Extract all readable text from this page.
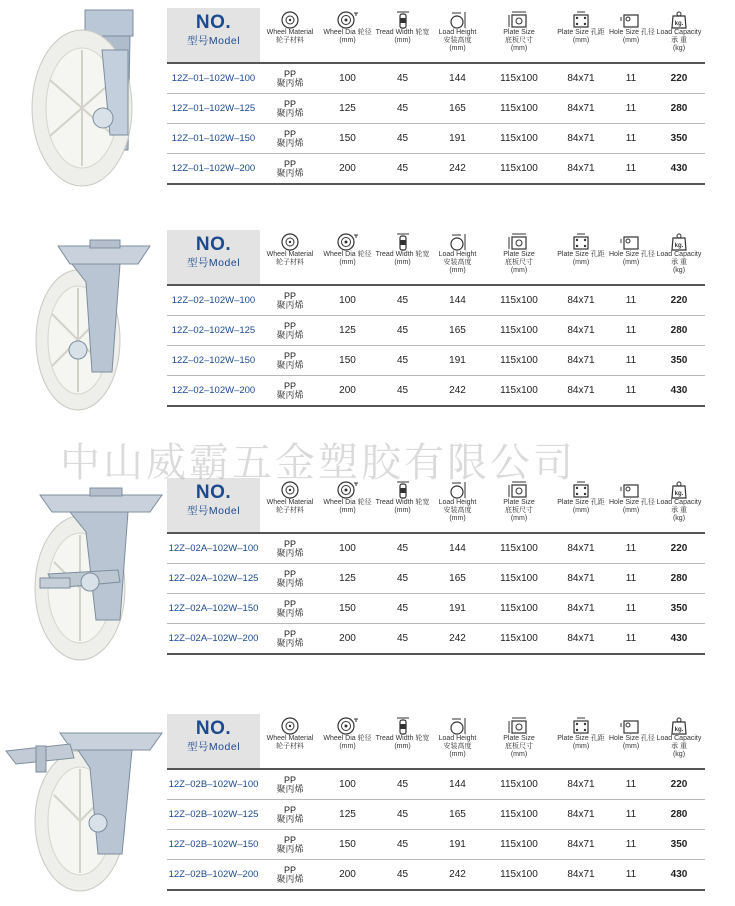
NO.
型号Model
Wheel Material
轮子材料
Wheel Dia 轮径
(mm)
Tread Width 轮宽
(mm)
Load Height
安装高度
(mm)
Plate Size
底板尺寸
(mm)
Plate Size 孔距
(mm)
Hole Size 孔径
(mm)
kg.
Load Capacity
承 重
(kg)
12Z–01–102W–100	PP
聚丙烯	100	45	144	115x100	84x71	11	220
12Z–01–102W–125	PP
聚丙烯	125	45	165	115x100	84x71	11	280
12Z–01–102W–150	PP
聚丙烯	150	45	191	115x100	84x71	11	350
12Z–01–102W–200	PP
聚丙烯	200	45	242	115x100	84x71	11	430
NO.
型号Model
Wheel Material
轮子材料
Wheel Dia 轮径
(mm)
Tread Width 轮宽
(mm)
Load Height
安装高度
(mm)
Plate Size
底板尺寸
(mm)
Plate Size 孔距
(mm)
Hole Size 孔径
(mm)
kg.
Load Capacity
承 重
(kg)
12Z–02–102W–100	PP
聚丙烯	100	45	144	115x100	84x71	11	220
12Z–02–102W–125	PP
聚丙烯	125	45	165	115x100	84x71	11	280
12Z–02–102W–150	PP
聚丙烯	150	45	191	115x100	84x71	11	350
12Z–02–102W–200	PP
聚丙烯	200	45	242	115x100	84x71	11	430
NO.
型号Model
Wheel Material
轮子材料
Wheel Dia 轮径
(mm)
Tread Width 轮宽
(mm)
Load Height
安装高度
(mm)
Plate Size
底板尺寸
(mm)
Plate Size 孔距
(mm)
Hole Size 孔径
(mm)
kg.
Load Capacity
承 重
(kg)
12Z–02A–102W–100	PP
聚丙烯	100	45	144	115x100	84x71	11	220
12Z–02A–102W–125	PP
聚丙烯	125	45	165	115x100	84x71	11	280
12Z–02A–102W–150	PP
聚丙烯	150	45	191	115x100	84x71	11	350
12Z–02A–102W–200	PP
聚丙烯	200	45	242	115x100	84x71	11	430
NO.
型号Model
Wheel Material
轮子材料
Wheel Dia 轮径
(mm)
Tread Width 轮宽
(mm)
Load Height
安装高度
(mm)
Plate Size
底板尺寸
(mm)
Plate Size 孔距
(mm)
Hole Size 孔径
(mm)
kg.
Load Capacity
承 重
(kg)
12Z–02B–102W–100	PP
聚丙烯	100	45	144	115x100	84x71	11	220
12Z–02B–102W–125	PP
聚丙烯	125	45	165	115x100	84x71	11	280
12Z–02B–102W–150	PP
聚丙烯	150	45	191	115x100	84x71	11	350
12Z–02B–102W–200	PP
聚丙烯	200	45	242	115x100	84x71	11	430
中山威霸五金塑胶有限公司
